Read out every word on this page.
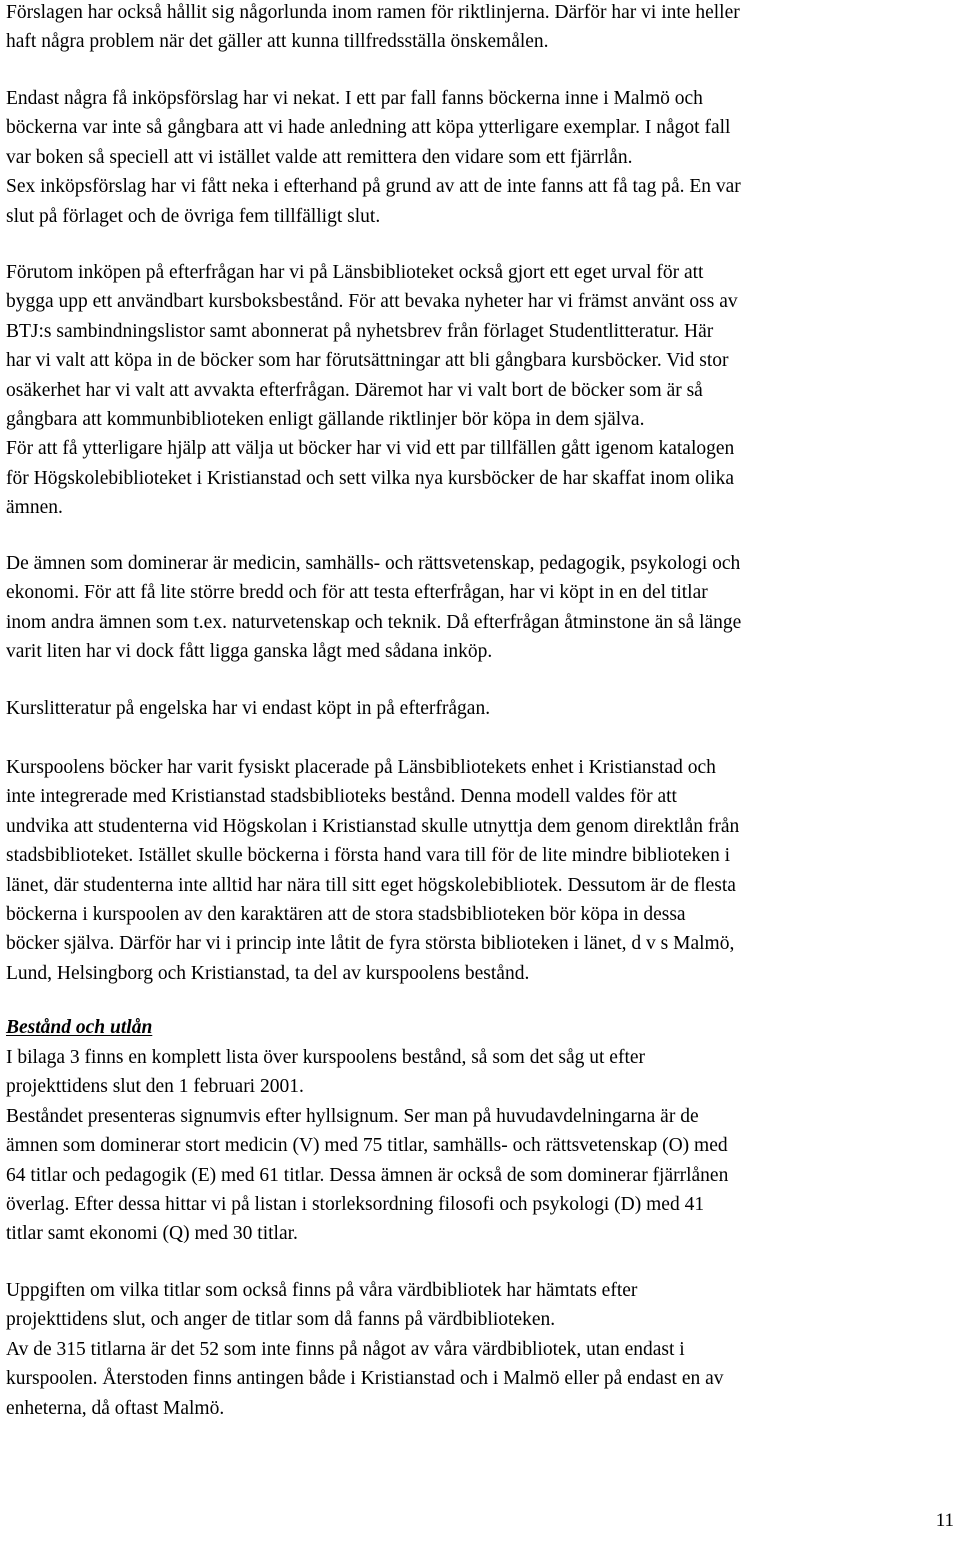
Förslagen har också hållit sig någorlunda inom ramen för riktlinjerna. Därför har vi inte heller
haft några problem när det gäller att kunna tillfredsställa önskemålen.

Endast några få inköpsförslag har vi nekat. I ett par fall fanns böckerna inne i Malmö och
böckerna var inte så gångbara att vi hade anledning att köpa ytterligare exemplar. I något fall
var boken så speciell att vi istället valde att remittera den vidare som ett fjärrlån.
Sex inköpsförslag har vi fått neka i efterhand på grund av att de inte fanns att få tag på. En var
slut på förlaget och de övriga fem tillfälligt slut.

Förutom inköpen på efterfrågan har vi på Länsbiblioteket också gjort ett eget urval för att
bygga upp ett användbart kursboksbestånd. För att bevaka nyheter har vi främst använt oss av
BTJ:s sambindningslistor samt abonnerat på nyhetsbrev från förlaget Studentlitteratur. Här
har vi valt att köpa in de böcker som har förutsättningar att bli gångbara kursböcker. Vid stor
osäkerhet har vi valt att avvakta efterfrågan. Däremot har vi valt bort de böcker som är så
gångbara att kommunbiblioteken enligt gällande riktlinjer bör köpa in dem själva.
För att få ytterligare hjälp att välja ut böcker har vi vid ett par tillfällen gått igenom katalogen
för Högskolebiblioteket i Kristianstad och sett vilka nya kursböcker de har skaffat inom olika
ämnen.

De ämnen som dominerar är medicin, samhälls- och rättsvetenskap, pedagogik, psykologi och
ekonomi. För att få lite större bredd och för att testa efterfrågan, har vi köpt in en del titlar
inom andra ämnen som t.ex. naturvetenskap och teknik. Då efterfrågan åtminstone än så länge
varit liten har vi dock fått ligga ganska lågt med sådana inköp.

Kurslitteratur på engelska har vi endast köpt in på efterfrågan.

Kurspoolens böcker har varit fysiskt placerade på Länsbibliotekets enhet i Kristianstad och
inte integrerade med Kristianstad stadsbiblioteks bestånd. Denna modell valdes för att
undvika att studenterna vid Högskolan i Kristianstad skulle utnyttja dem genom direktlån från
stadsbiblioteket. Istället skulle böckerna i första hand vara till för de lite mindre biblioteken i
länet, där studenterna inte alltid har nära till sitt eget högskolebibliotek. Dessutom är de flesta
böckerna i kurspoolen av den karaktären att de stora stadsbiblioteken bör köpa in dessa
böcker själva. Därför har vi i princip inte låtit de fyra största biblioteken i länet, d v s Malmö,
Lund, Helsingborg och Kristianstad, ta del av kurspoolens bestånd.

Bestånd och utlån

I bilaga 3 finns en komplett lista över kurspoolens bestånd, så som det såg ut efter
projekttidens slut den 1 februari 2001.
Beståndet presenteras signumvis efter hyllsignum. Ser man på huvudavdelningarna är de
ämnen som dominerar stort medicin (V) med 75 titlar, samhälls- och rättsvetenskap (O) med
64 titlar och pedagogik (E) med 61 titlar. Dessa ämnen är också de som dominerar fjärrlånen
överlag. Efter dessa hittar vi på listan i storleksordning filosofi och psykologi (D) med 41
titlar samt ekonomi (Q) med 30 titlar.

Uppgiften om vilka titlar som också finns på våra värdbibliotek har hämtats efter
projekttidens slut, och anger de titlar som då fanns på värdbiblioteken.
Av de 315 titlarna är det 52 som inte finns på något av våra värdbibliotek, utan endast i
kurspoolen. Återstoden finns antingen både i Kristianstad och i Malmö eller på endast en av
enheterna, då oftast Malmö.

11
